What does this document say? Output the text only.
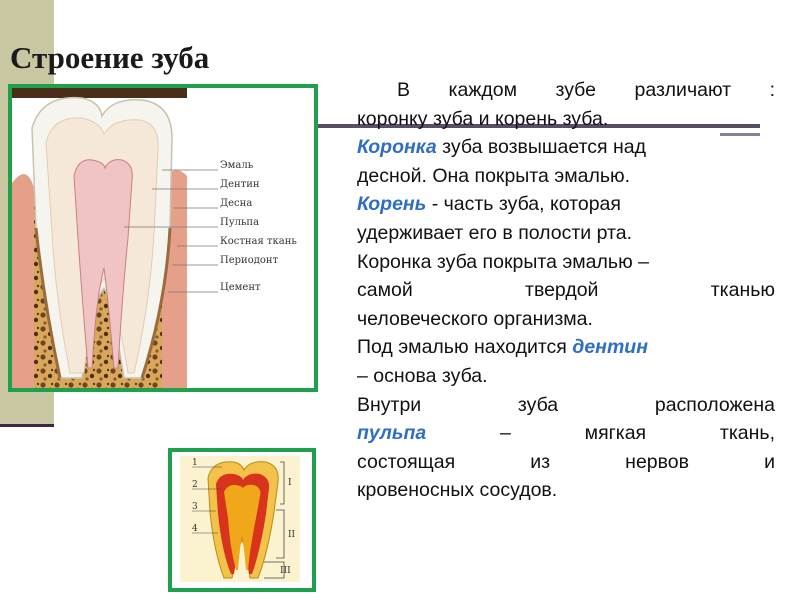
Строение зуба
Эмаль
Дентин
Десна
Пульпа
Костная ткань
Периодонт
Цемент
1
2
3
4
I
II
III

В каждом зубе различают :

коронку зуба и корень зуба.

Коронка зуба возвышается над

десной. Она покрыта эмалью.

Корень - часть зуба, которая

удерживает его в полости рта.

Коронка зуба покрыта эмалью –

самой твердой тканью

человеческого организма.

Под эмалью находится дентин

– основа зуба.

Внутри зуба расположена

пульпа – мягкая ткань,

состоящая из нервов и

кровеносных сосудов.
